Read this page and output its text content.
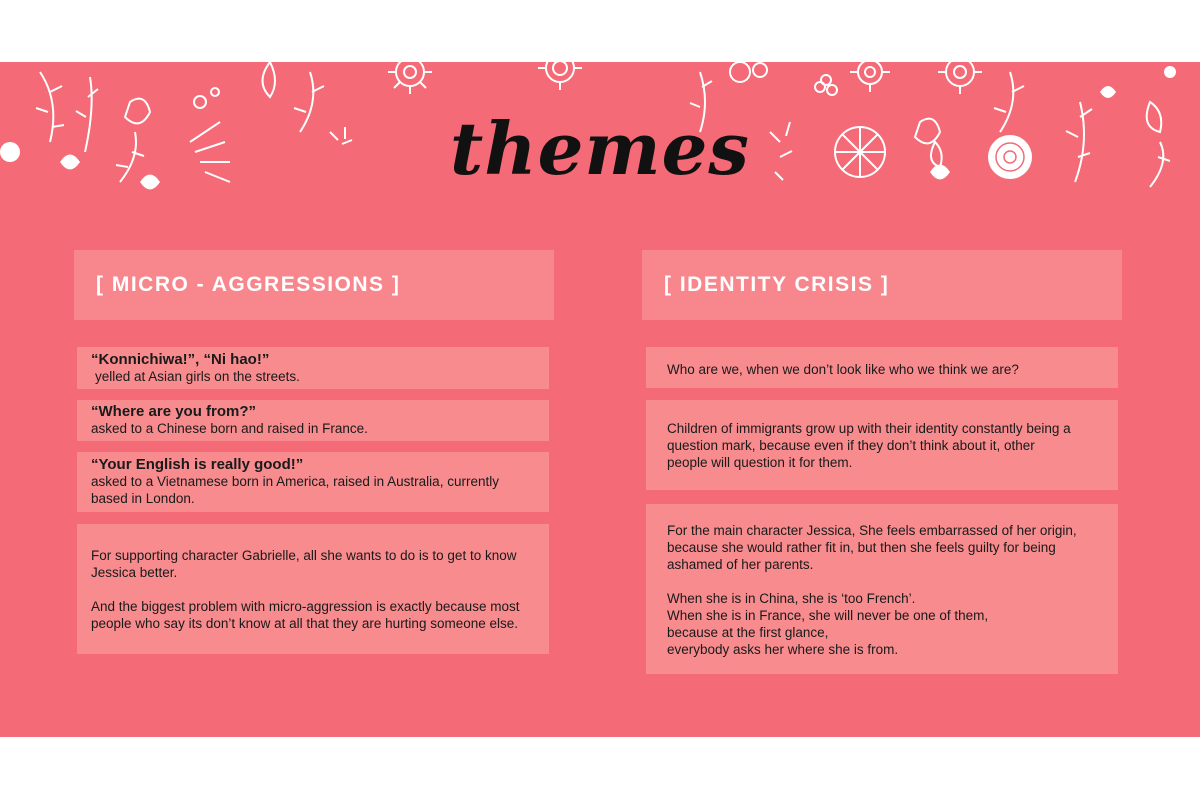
themes
[ MICRO - AGGRESSIONS ]
“Konnichiwa!”, “Ni hao!”
yelled at Asian girls on the streets.
“Where are you from?”
asked to a Chinese born and raised in France.
“Your English is really good!”
asked to a Vietnamese born in America, raised in Australia, currently based in London.
For supporting character Gabrielle, all she wants to do is to get to know Jessica better.
And the biggest problem with micro-aggression is exactly because most people who say its don’t know at all that they are hurting someone else.
[ IDENTITY CRISIS ]
Who are we, when we don’t look like who we think we are?
Children of immigrants grow up with their identity constantly being a question mark, because even if they don’t think about it, other people will question it for them.
For the main character Jessica, She feels embarrassed of her origin, because she would rather fit in, but then she feels guilty for being ashamed of her parents.
When she is in China, she is ‘too French’.
When she is in France, she will never be one of them,
because at the first glance,
everybody asks her where she is from.
